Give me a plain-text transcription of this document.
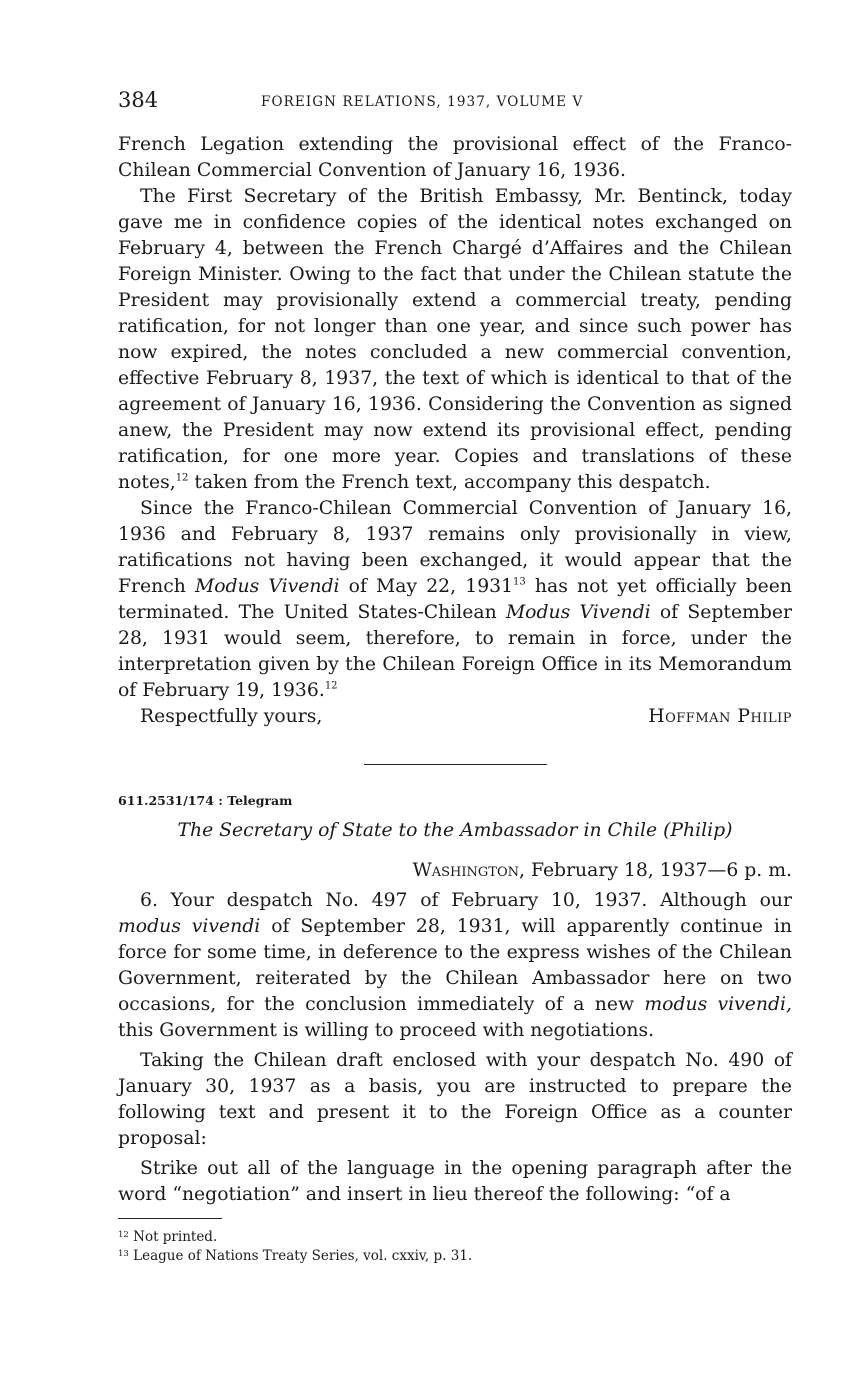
384	FOREIGN RELATIONS, 1937, VOLUME V

French Legation extending the provisional effect of the Franco-Chilean Commercial Convention of January 16, 1936.

The First Secretary of the British Embassy, Mr. Bentinck, today gave me in confidence copies of the identical notes exchanged on February 4, between the French Chargé d’Affaires and the Chilean Foreign Minister. Owing to the fact that under the Chilean statute the President may provisionally extend a commercial treaty, pending ratification, for not longer than one year, and since such power has now expired, the notes concluded a new commercial convention, effective February 8, 1937, the text of which is identical to that of the agreement of January 16, 1936. Considering the Convention as signed anew, the President may now extend its provisional effect, pending ratification, for one more year. Copies and translations of these notes,$^{12}$ taken from the French text, accompany this despatch.

Since the Franco-Chilean Commercial Convention of January 16, 1936 and February 8, 1937 remains only provisionally in view, ratifications not having been exchanged, it would appear that the French Modus Vivendi of May 22, 1931$^{13}$ has not yet officially been terminated. The United States-Chilean Modus Vivendi of September 28, 1931 would seem, therefore, to remain in force, under the interpretation given by the Chilean Foreign Office in its Memorandum of February 19, 1936.12

Respectfully yours,	Hoffman Philip
611.2531/174 : Telegram
The Secretary of State to the Ambassador in Chile (Philip)
Washington, February 18, 1937—6 p. m.

6. Your despatch No. 497 of February 10, 1937. Although our modus vivendi of September 28, 1931, will apparently continue in force for some time, in deference to the express wishes of the Chilean Government, reiterated by the Chilean Ambassador here on two occasions, for the conclusion immediately of a new modus vivendi, this Government is willing to proceed with negotiations.

Taking the Chilean draft enclosed with your despatch No. 490 of January 30, 1937 as a basis, you are instructed to prepare the following text and present it to the Foreign Office as a counter proposal:

Strike out all of the language in the opening paragraph after the word “negotiation” and insert in lieu thereof the following: “of a

$^{12}$ Not printed.
$^{13}$ League of Nations Treaty Series, vol. cxxiv, p. 31.
